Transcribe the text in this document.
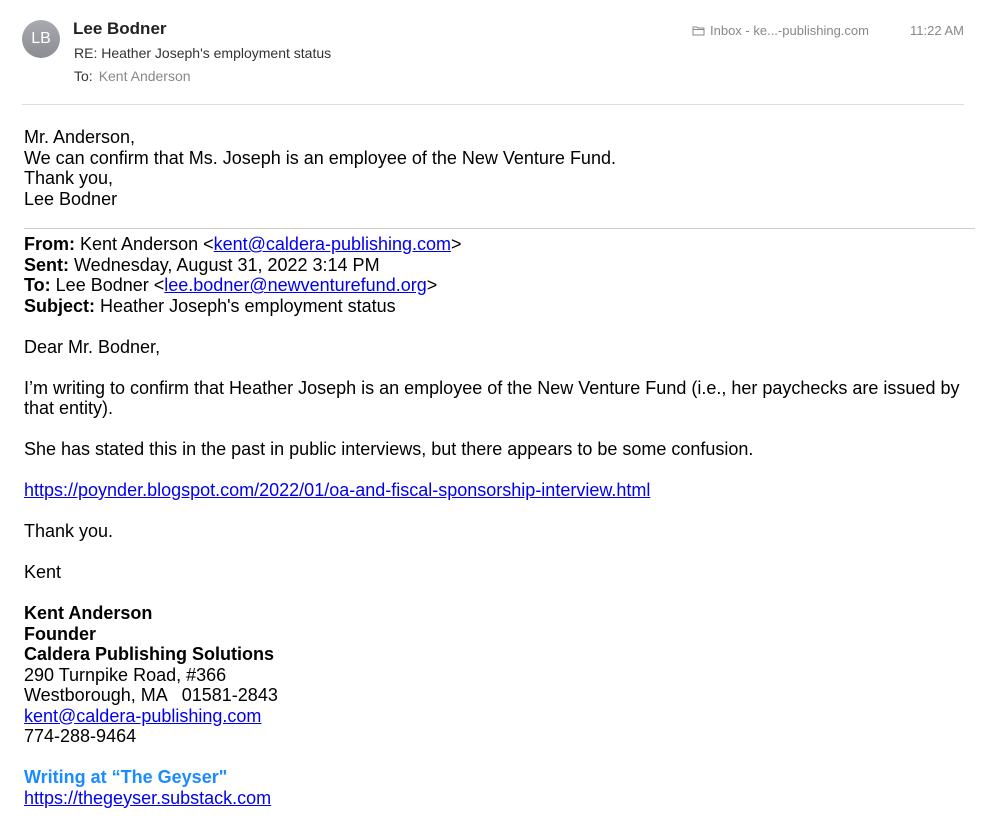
LB
Lee Bodner
RE: Heather Joseph's employment status
To: Kent Anderson
Inbox - ke...-publishing.com	11:22 AM
Mr. Anderson,
We can confirm that Ms. Joseph is an employee of the New Venture Fund.
Thank you,
Lee Bodner
From: Kent Anderson <kent@caldera-publishing.com>
Sent: Wednesday, August 31, 2022 3:14 PM
To: Lee Bodner <lee.bodner@newventurefund.org>
Subject: Heather Joseph's employment status
Dear Mr. Bodner,
I’m writing to confirm that Heather Joseph is an employee of the New Venture Fund (i.e., her paychecks are issued by that entity).
She has stated this in the past in public interviews, but there appears to be some confusion.
https://poynder.blogspot.com/2022/01/oa-and-fiscal-sponsorship-interview.html
Thank you.
Kent
Kent Anderson
Founder
Caldera Publishing Solutions
290 Turnpike Road, #366
Westborough, MA   01581-2843
kent@caldera-publishing.com
774-288-9464
Writing at “The Geyser"
https://thegeyser.substack.com
